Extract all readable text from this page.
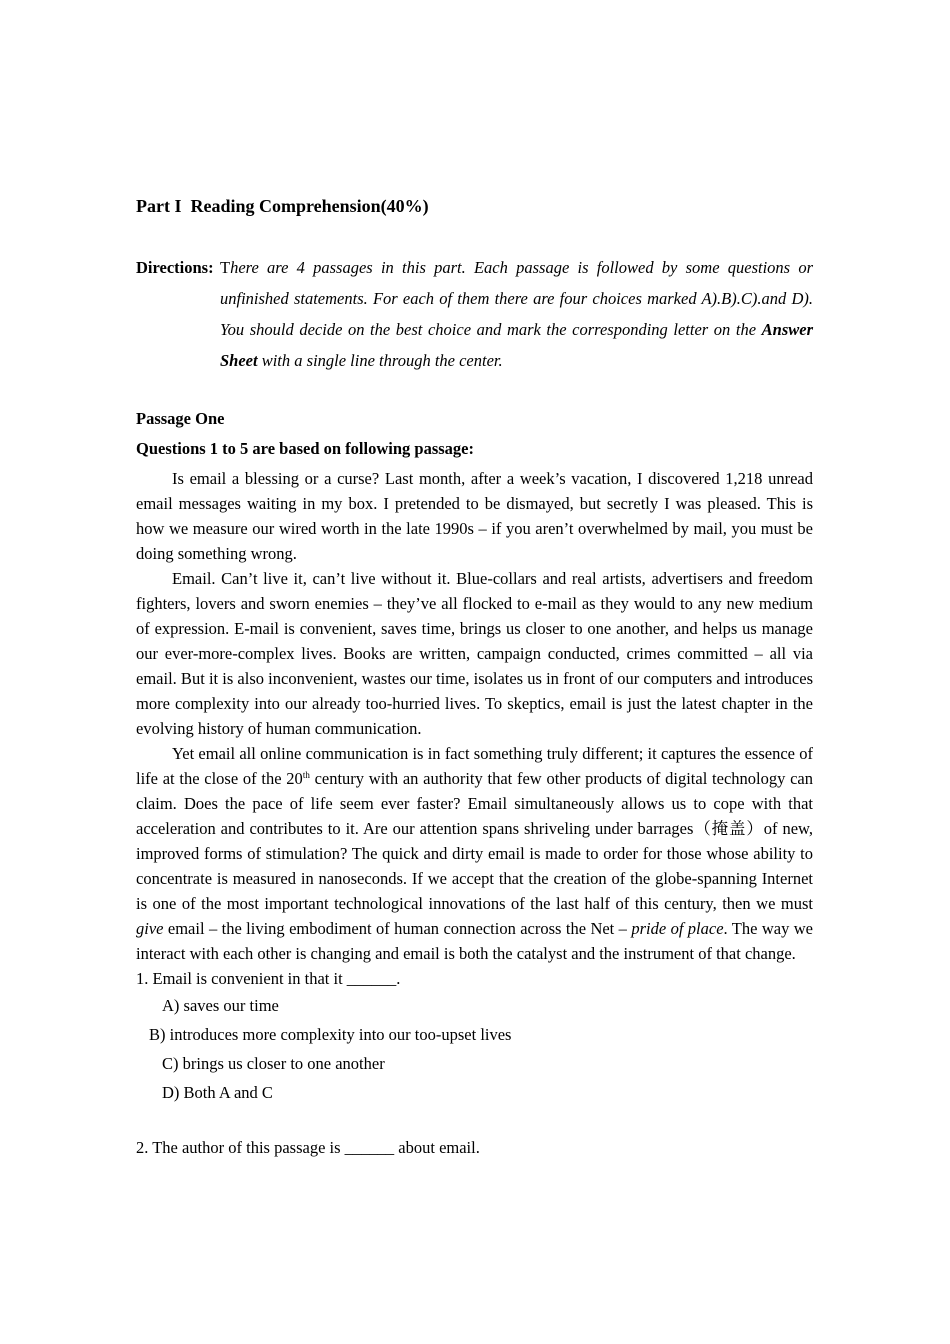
Part I  Reading Comprehension(40%)
Directions: There are 4 passages in this part. Each passage is followed by some questions or unfinished statements. For each of them there are four choices marked A).B).C).and D). You should decide on the best choice and mark the corresponding letter on the Answer Sheet with a single line through the center.

Passage One

Questions 1 to 5 are based on following passage:

Is email a blessing or a curse? Last month, after a week’s vacation, I discovered 1,218 unread email messages waiting in my box. I pretended to be dismayed, but secretly I was pleased. This is how we measure our wired worth in the late 1990s – if you aren’t overwhelmed by mail, you must be doing something wrong.

Email. Can’t live it, can’t live without it. Blue-collars and real artists, advertisers and freedom fighters, lovers and sworn enemies – they’ve all flocked to e-mail as they would to any new medium of expression. E-mail is convenient, saves time, brings us closer to one another, and helps us manage our ever-more-complex lives. Books are written, campaign conducted, crimes committed – all via email. But it is also inconvenient, wastes our time, isolates us in front of our computers and introduces more complexity into our already too-hurried lives. To skeptics, email is just the latest chapter in the evolving history of human communication.

Yet email all online communication is in fact something truly different; it captures the essence of life at the close of the 20th century with an authority that few other products of digital technology can claim. Does the pace of life seem ever faster? Email simultaneously allows us to cope with that acceleration and contributes to it. Are our attention spans shriveling under barrages（掩盖）of new, improved forms of stimulation? The quick and dirty email is made to order for those whose ability to concentrate is measured in nanoseconds. If we accept that the creation of the globe-spanning Internet is one of the most important technological innovations of the last half of this century, then we must give email – the living embodiment of human connection across the Net – pride of place. The way we interact with each other is changing and email is both the catalyst and the instrument of that change.

1. Email is convenient in that it ______.

A) saves our time
B) introduces more complexity into our too-upset lives
C) brings us closer to one another
D) Both A and C

2. The author of this passage is ______ about email.
